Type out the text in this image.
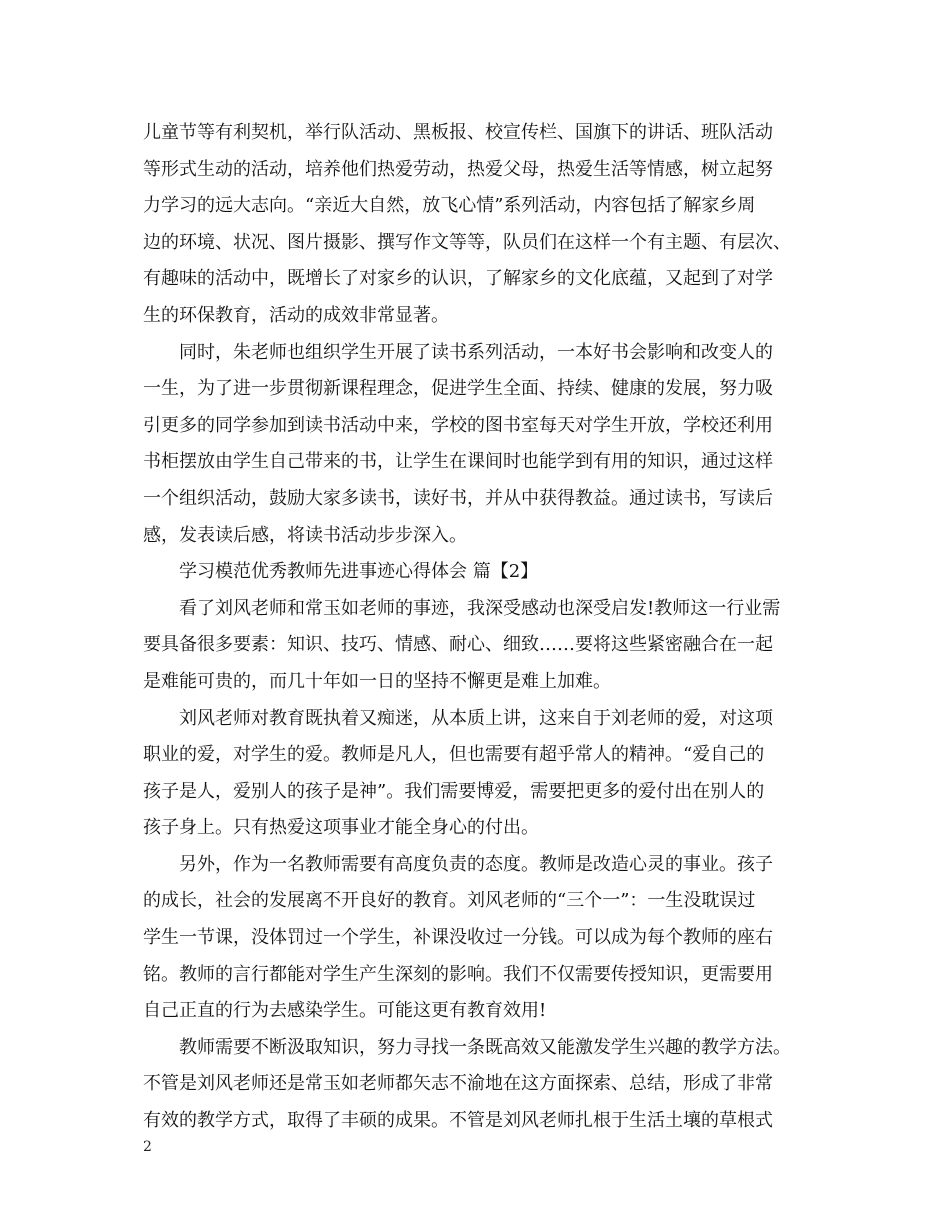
儿童节等有利契机，举行队活动、黑板报、校宣传栏、国旗下的讲话、班队活动
等形式生动的活动，培养他们热爱劳动，热爱父母，热爱生活等情感，树立起努
力学习的远大志向。“亲近大自然，放飞心情”系列活动，内容包括了解家乡周
边的环境、状况、图片摄影、撰写作文等等，队员们在这样一个有主题、有层次、
有趣味的活动中，既增长了对家乡的认识，了解家乡的文化底蕴，又起到了对学
生的环保教育，活动的成效非常显著。
同时，朱老师也组织学生开展了读书系列活动，一本好书会影响和改变人的
一生，为了进一步贯彻新课程理念，促进学生全面、持续、健康的发展，努力吸
引更多的同学参加到读书活动中来，学校的图书室每天对学生开放，学校还利用
书柜摆放由学生自己带来的书，让学生在课间时也能学到有用的知识，通过这样
一个组织活动，鼓励大家多读书，读好书，并从中获得教益。通过读书，写读后
感，发表读后感，将读书活动步步深入。
学习模范优秀教师先进事迹心得体会 篇【2】
看了刘风老师和常玉如老师的事迹，我深受感动也深受启发!教师这一行业需
要具备很多要素：知识、技巧、情感、耐心、细致……要将这些紧密融合在一起
是难能可贵的，而几十年如一日的坚持不懈更是难上加难。
刘风老师对教育既执着又痴迷，从本质上讲，这来自于刘老师的爱，对这项
职业的爱，对学生的爱。教师是凡人，但也需要有超乎常人的精神。“爱自己的
孩子是人，爱别人的孩子是神”。我们需要博爱，需要把更多的爱付出在别人的
孩子身上。只有热爱这项事业才能全身心的付出。
另外，作为一名教师需要有高度负责的态度。教师是改造心灵的事业。孩子
的成长，社会的发展离不开良好的教育。刘风老师的“三个一”：一生没耽误过
学生一节课，没体罚过一个学生，补课没收过一分钱。可以成为每个教师的座右
铭。教师的言行都能对学生产生深刻的影响。我们不仅需要传授知识，更需要用
自己正直的行为去感染学生。可能这更有教育效用!
教师需要不断汲取知识，努力寻找一条既高效又能激发学生兴趣的教学方法。
不管是刘风老师还是常玉如老师都矢志不渝地在这方面探索、总结，形成了非常
有效的教学方式，取得了丰硕的成果。不管是刘风老师扎根于生活土壤的草根式
2
